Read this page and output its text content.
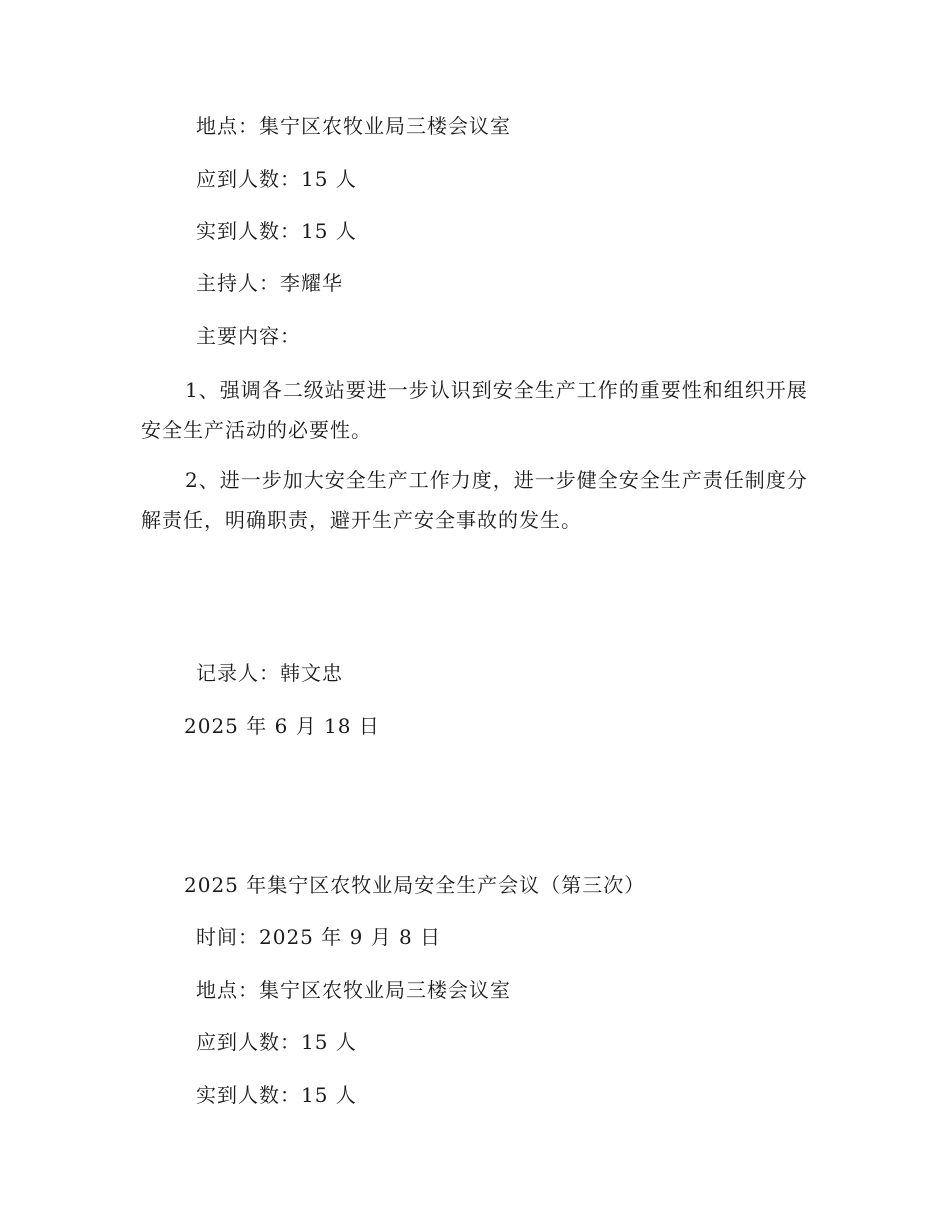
地点：集宁区农牧业局三楼会议室
应到人数：15 人
实到人数：15 人
主持人：李耀华
主要内容：
1、强调各二级站要进一步认识到安全生产工作的重要性和组织开展安全生产活动的必要性。
2、进一步加大安全生产工作力度，进一步健全安全生产责任制度分解责任，明确职责，避开生产安全事故的发生。
记录人：韩文忠
2025 年 6 月 18 日
2025 年集宁区农牧业局安全生产会议（第三次）
时间：2025 年 9 月 8 日
地点：集宁区农牧业局三楼会议室
应到人数：15 人
实到人数：15 人
